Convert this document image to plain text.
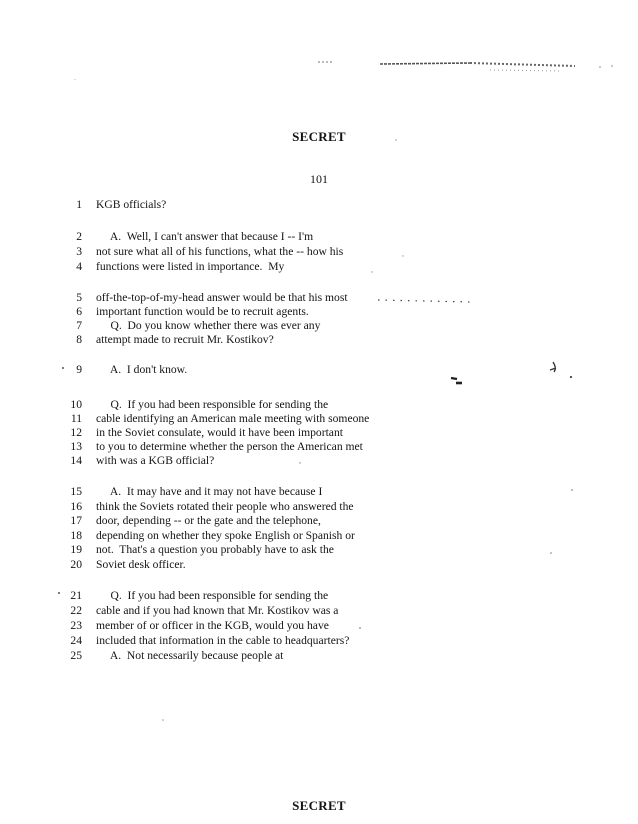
SECRET
101
1 KGB officials?
2 A.  Well, I can't answer that because I -- I'm
3 not sure what all of his functions, what the -- how his
4 functions were listed in importance.  My
5 off-the-top-of-my-head answer would be that his most
6 important function would be to recruit agents.
7 Q.  Do you know whether there was ever any
8 attempt made to recruit Mr. Kostikov?
9 A.  I don't know.
10 Q.  If you had been responsible for sending the
11 cable identifying an American male meeting with someone
12 in the Soviet consulate, would it have been important
13 to you to determine whether the person the American met
14 with was a KGB official?
15 A.  It may have and it may not have because I
16 think the Soviets rotated their people who answered the
17 door, depending -- or the gate and the telephone,
18 depending on whether they spoke English or Spanish or
19 not.  That's a question you probably have to ask the
20 Soviet desk officer.
21 Q.  If you had been responsible for sending the
22 cable and if you had known that Mr. Kostikov was a
23 member of or officer in the KGB, would you have
24 included that information in the cable to headquarters?
25 A.  Not necessarily because people at
SECRET
